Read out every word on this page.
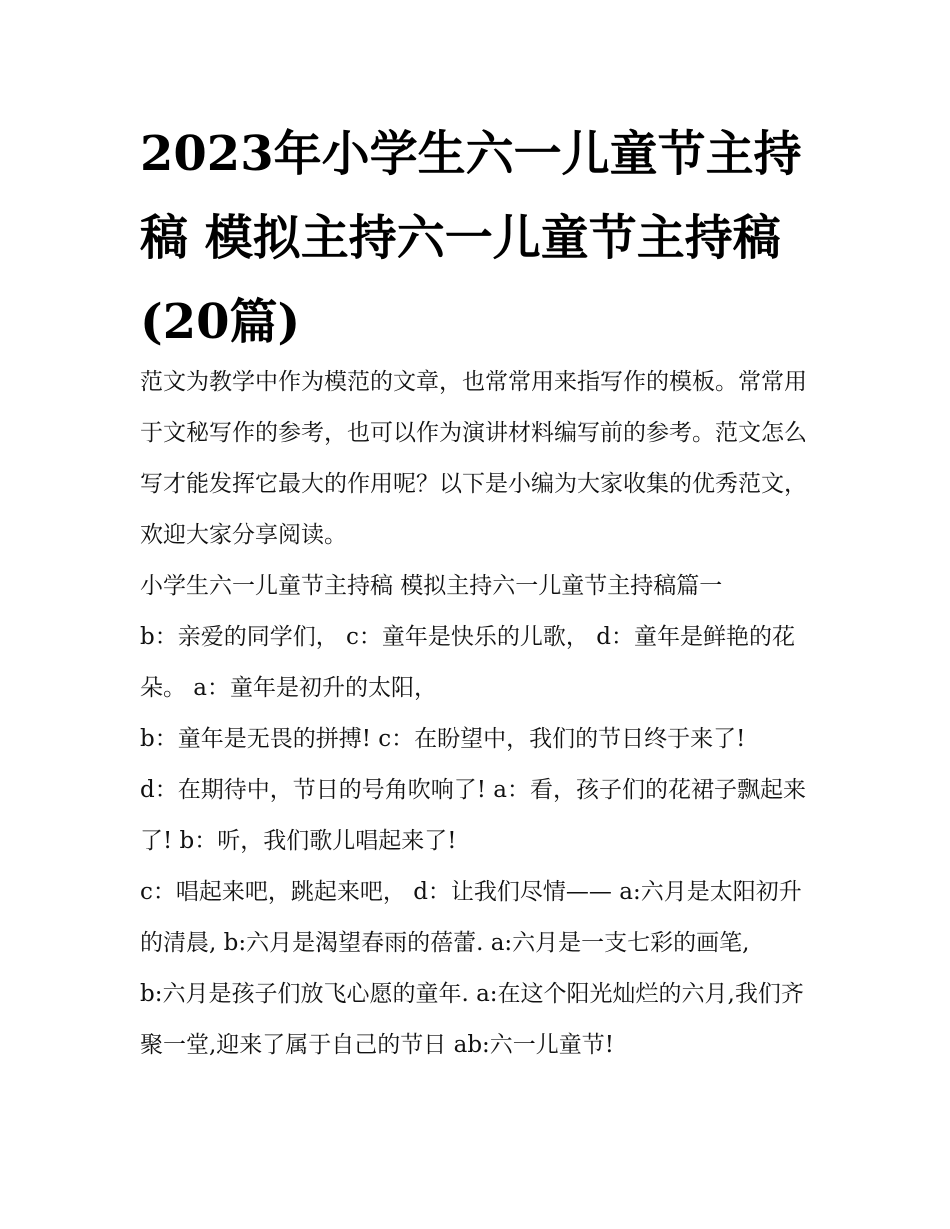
2023年小学生六一儿童节主持稿 模拟主持六一儿童节主持稿(20篇)

范文为教学中作为模范的文章，也常常用来指写作的模板。常常用于文秘写作的参考，也可以作为演讲材料编写前的参考。范文怎么写才能发挥它最大的作用呢？以下是小编为大家收集的优秀范文，欢迎大家分享阅读。

小学生六一儿童节主持稿 模拟主持六一儿童节主持稿篇一

b：亲爱的同学们， c：童年是快乐的儿歌， d：童年是鲜艳的花朵。 a：童年是初升的太阳，

b：童年是无畏的拼搏! c：在盼望中，我们的节日终于来了!

d：在期待中，节日的号角吹响了! a：看，孩子们的花裙子飘起来了! b：听，我们歌儿唱起来了!

c：唱起来吧，跳起来吧， d：让我们尽情—— a:六月是太阳初升的清晨, b:六月是渴望春雨的蓓蕾. a:六月是一支七彩的画笔,

b:六月是孩子们放飞心愿的童年. a:在这个阳光灿烂的六月,我们齐聚一堂,迎来了属于自己的节日 ab:六一儿童节!
